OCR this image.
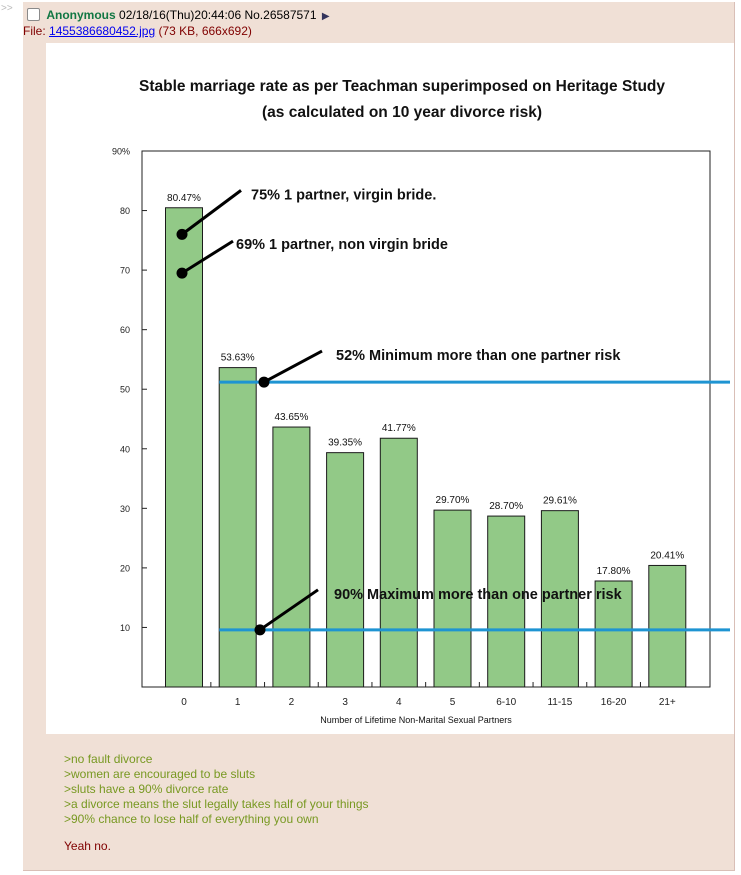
>>	Anonymous 02/18/16(Thu)20:44:06 No.26587571 ▶
File: 1455386680452.jpg (73 KB, 666x692)
Stable marriage rate as per Teachman superimposed on Heritage Study
(as calculated on 10 year divorce risk)
10
20
30
40
50
60
70
80
90%
80.47%
53.63%
43.65%
39.35%
41.77%
29.70%
28.70% 29.61%
17.80%
20.41%
0	1	2	3	4	5	6-10	11-15	16-20	21+
Number of Lifetime Non-Marital Sexual Partners
52% Minimum more than one partner risk
90% Maximum more than one partner risk
75% 1 partner, virgin bride.
69% 1 partner, non virgin bride
>no fault divorce
>women are encouraged to be sluts
>sluts have a 90% divorce rate
>a divorce means the slut legally takes half of your things
>90% chance to lose half of everything you own
Yeah no.
